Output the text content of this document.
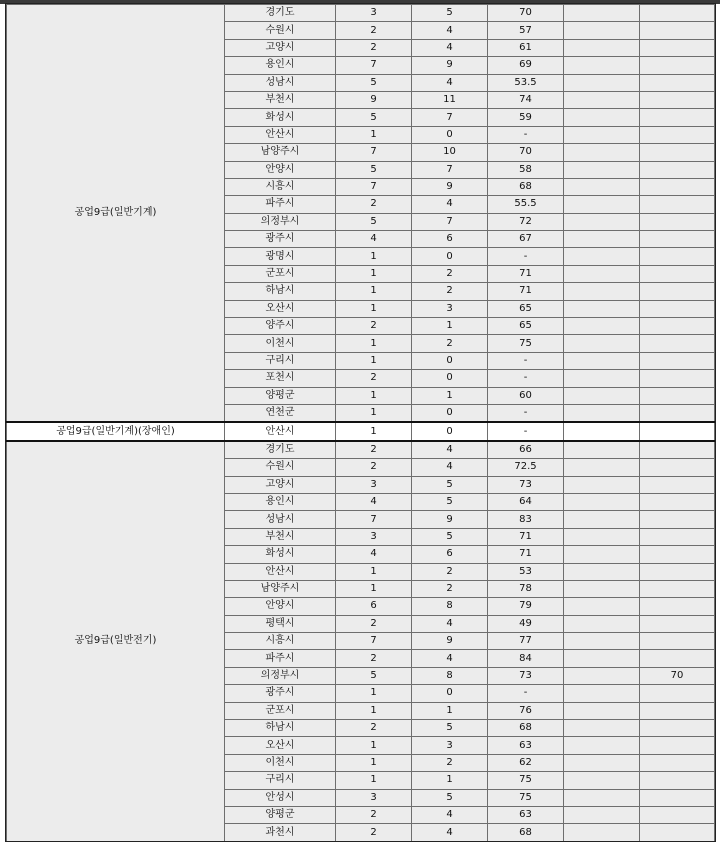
공업9급(일반기계)	경기도	3	5	70		
	수원시	2	4	57		
	고양시	2	4	61		
	용인시	7	9	69		
	성남시	5	4	53.5		
	부천시	9	11	74		
	화성시	5	7	59		
	안산시	1	0	-		
	남양주시	7	10	70		
	안양시	5	7	58		
	시흥시	7	9	68		
	파주시	2	4	55.5		
	의정부시	5	7	72		
	광주시	4	6	67		
	광명시	1	0	-		
	군포시	1	2	71		
	하남시	1	2	71		
	오산시	1	3	65		
	양주시	2	1	65		
	이천시	1	2	75		
	구리시	1	0	-		
	포천시	2	0	-		
	양평군	1	1	60		
	연천군	1	0	-		
공업9급(일반기계)(장애인)	안산시	1	0	-		
공업9급(일반전기)	경기도	2	4	66		
	수원시	2	4	72.5		
	고양시	3	5	73		
	용인시	4	5	64		
	성남시	7	9	83		
	부천시	3	5	71		
	화성시	4	6	71		
	안산시	1	2	53		
	남양주시	1	2	78		
	안양시	6	8	79		
	평택시	2	4	49		
	시흥시	7	9	77		
	파주시	2	4	84		
	의정부시	5	8	73		70
	광주시	1	0	-		
	군포시	1	1	76		
	하남시	2	5	68		
	오산시	1	3	63		
	이천시	1	2	62		
	구리시	1	1	75		
	안성시	3	5	75		
	양평군	2	4	63		
	과천시	2	4	68		
